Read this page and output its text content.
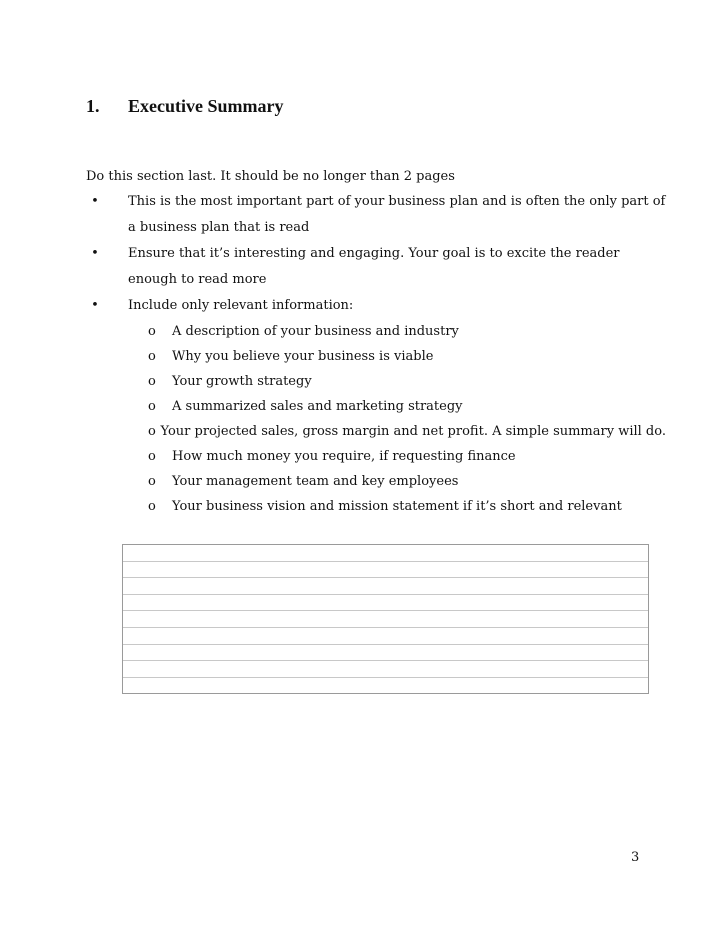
1.	Executive Summary
Do this section last. It should be no longer than 2 pages
•	This is the most important part of your business plan and is often the only part of a business plan that is read
•	Ensure that it’s interesting and engaging. Your goal is to excite the reader enough to read more
•	Include only relevant information:
o	A description of your business and industry
o	Why you believe your business is viable
o	Your growth strategy
o	A summarized sales and marketing strategy
o Your projected sales, gross margin and net profit. A simple summary will do.
o	How much money you require, if requesting finance
o	Your management team and key employees
o	Your business vision and mission statement if it’s short and relevant
3
